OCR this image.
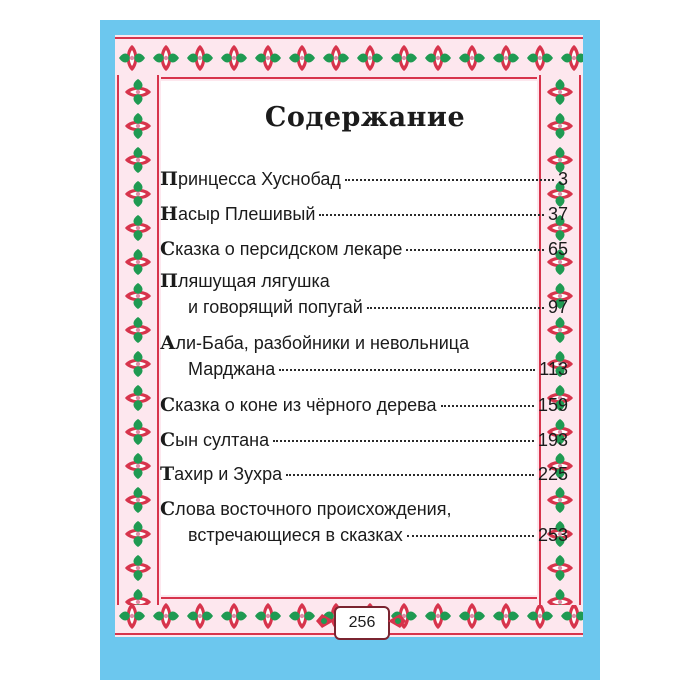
Содержание
Принцесса Хуснобад	3
Насыр Плешивый	37
Сказка о персидском лекаре	65
Пляшущая лягушка
и говорящий попугай	97
Али-Баба, разбойники и невольница
Марджана	113
Сказка о коне из чёрного дерева	159
Сын султана	193
Тахир и Зухра	225
Слова восточного происхождения,
встречающиеся в сказках	253
256
